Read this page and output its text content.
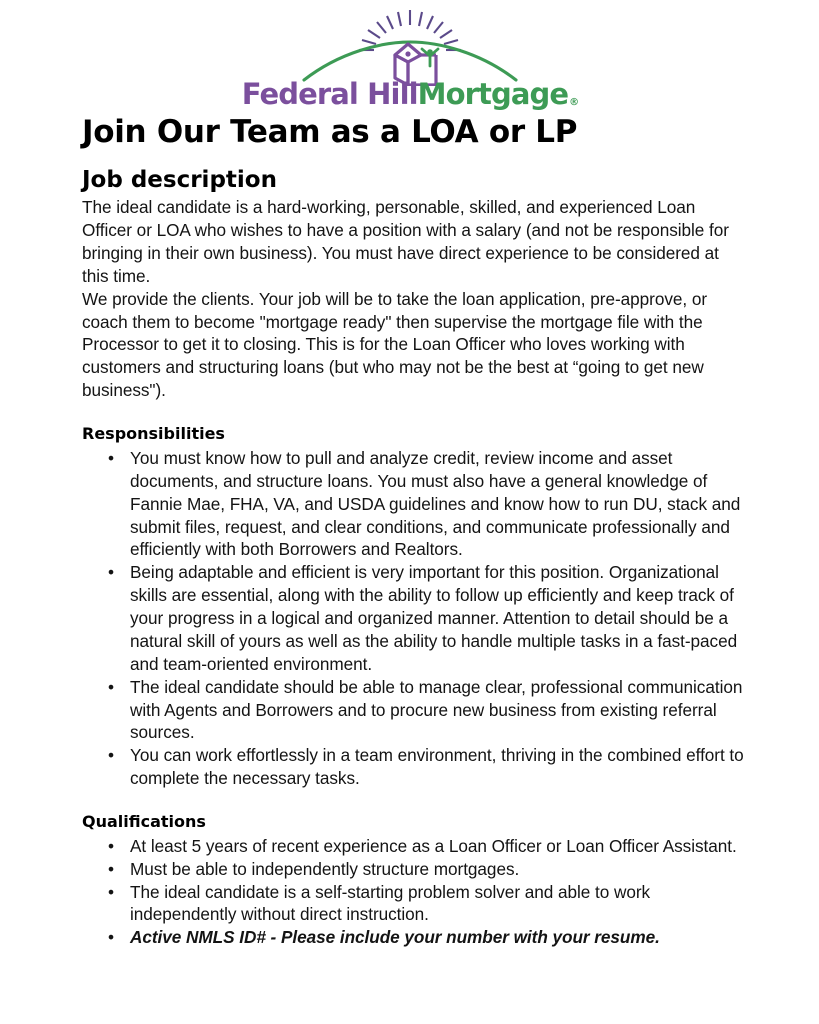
Federal HillMortgage®
Join Our Team as a LOA or LP
Job description

The ideal candidate is a hard-working, personable, skilled, and experienced Loan Officer or LOA who wishes to have a position with a salary (and not be responsible for bringing in their own business). You must have direct experience to be considered at this time.

We provide the clients. Your job will be to take the loan application, pre-approve, or coach them to become "mortgage ready" then supervise the mortgage file with the Processor to get it to closing. This is for the Loan Officer who loves working with customers and structuring loans (but who may not be the best at “going to get new business").

Responsibilities
• You must know how to pull and analyze credit, review income and asset documents, and structure loans. You must also have a general knowledge of Fannie Mae, FHA, VA, and USDA guidelines and know how to run DU, stack and submit files, request, and clear conditions, and communicate professionally and efficiently with both Borrowers and Realtors.
• Being adaptable and efficient is very important for this position. Organizational skills are essential, along with the ability to follow up efficiently and keep track of your progress in a logical and organized manner. Attention to detail should be a natural skill of yours as well as the ability to handle multiple tasks in a fast-paced and team-oriented environment.
• The ideal candidate should be able to manage clear, professional communication with Agents and Borrowers and to procure new business from existing referral sources.
• You can work effortlessly in a team environment, thriving in the combined effort to complete the necessary tasks.
Qualifications
• At least 5 years of recent experience as a Loan Officer or Loan Officer Assistant.
• Must be able to independently structure mortgages.
• The ideal candidate is a self-starting problem solver and able to work independently without direct instruction.
• Active NMLS ID# - Please include your number with your resume.
